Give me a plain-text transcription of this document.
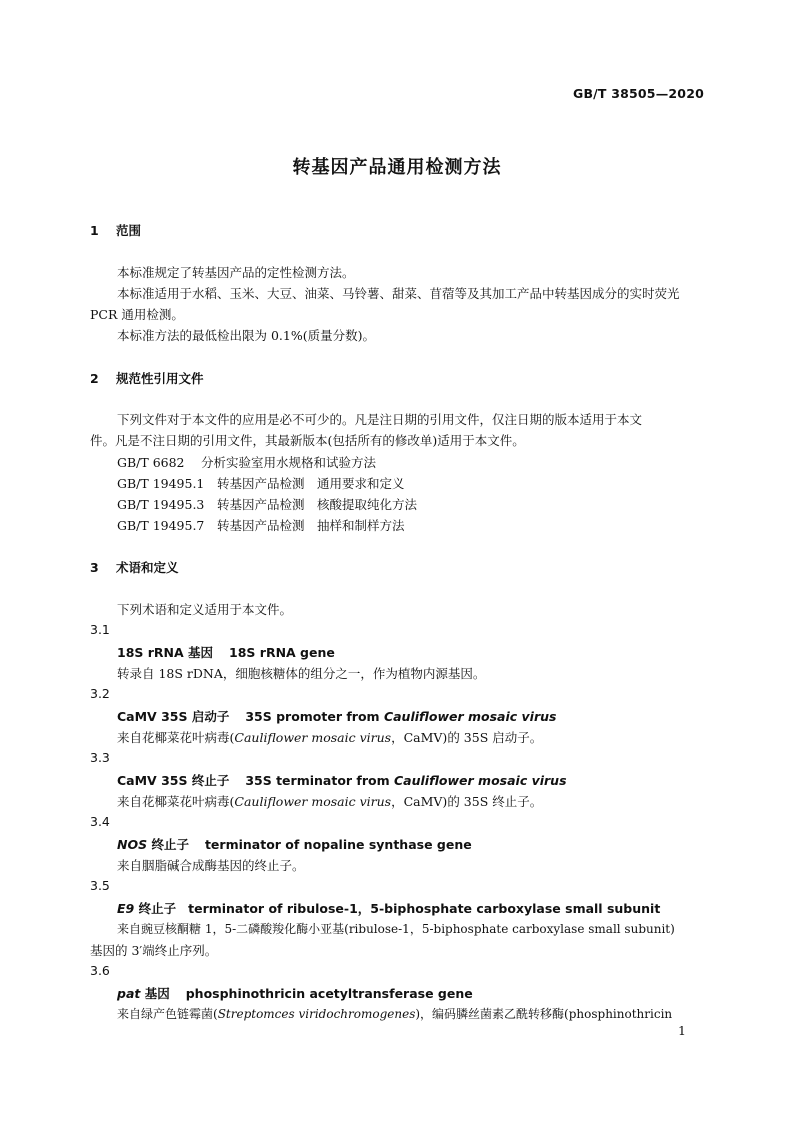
GB/T 38505—2020
转基因产品通用检测方法
1 范围
本标准规定了转基因产品的定性检测方法。
本标准适用于水稻、玉米、大豆、油菜、马铃薯、甜菜、苜蓿等及其加工产品中转基因成分的实时荧光
PCR 通用检测。
本标准方法的最低检出限为 0.1%(质量分数)。
2 规范性引用文件
下列文件对于本文件的应用是必不可少的。凡是注日期的引用文件，仅注日期的版本适用于本文
件。凡是不注日期的引用文件，其最新版本(包括所有的修改单)适用于本文件。
GB/T 6682 分析实验室用水规格和试验方法
GB/T 19495.1 转基因产品检测　通用要求和定义
GB/T 19495.3 转基因产品检测　核酸提取纯化方法
GB/T 19495.7 转基因产品检测　抽样和制样方法
3 术语和定义
下列术语和定义适用于本文件。
3.1
18S rRNA 基因 18S rRNA gene
转录自 18S rDNA，细胞核糖体的组分之一，作为植物内源基因。
3.2
CaMV 35S 启动子 35S promoter from Cauliflower mosaic virus
来自花椰菜花叶病毒(Cauliflower mosaic virus，CaMV)的 35S 启动子。
3.3
CaMV 35S 终止子 35S terminator from Cauliflower mosaic virus
来自花椰菜花叶病毒(Cauliflower mosaic virus，CaMV)的 35S 终止子。
3.4
NOS 终止子 terminator of nopaline synthase gene
来自胭脂碱合成酶基因的终止子。
3.5
E9 终止子 terminator of ribulose-1，5-biphosphate carboxylase small subunit
来自豌豆核酮糖 1，5-二磷酸羧化酶小亚基(ribulose-1，5-biphosphate carboxylase small subunit)
基因的 3′端终止序列。
3.6
pat 基因 phosphinothricin acetyltransferase gene
来自绿产色链霉菌(Streptomces viridochromogenes)，编码膦丝菌素乙酰转移酶(phosphinothricin
1
